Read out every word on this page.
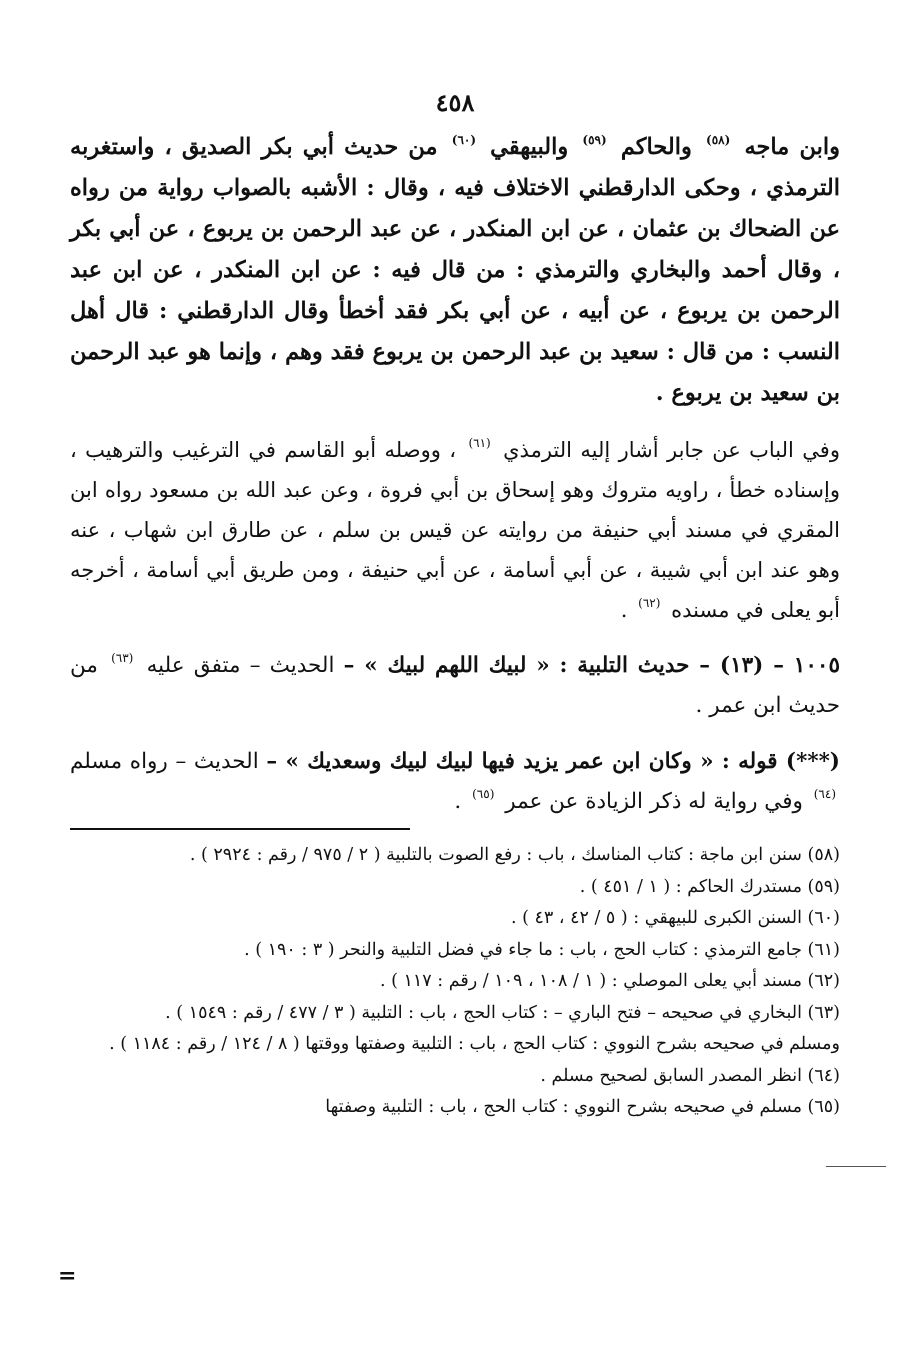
٤٥٨

وابن ماجه $^{(٥٨)}$ والحاكم $^{(٥٩)}$ والبيهقي $^{(٦٠)}$ من حديث أبي بكر الصديق ، واستغربه الترمذي ، وحكى الدارقطني الاختلاف فيه ، وقال : الأشبه بالصواب رواية من رواه عن الضحاك بن عثمان ، عن ابن المنكدر ، عن عبد الرحمن بن يربوع ، عن أبي بكر ، وقال أحمد والبخاري والترمذي : من قال فيه : عن ابن المنكدر ، عن ابن عبد الرحمن بن يربوع ، عن أبيه ، عن أبي بكر فقد أخطأ وقال الدارقطني : قال أهل النسب : من قال : سعيد بن عبد الرحمن بن يربوع فقد وهم ، وإنما هو عبد الرحمن بن سعيد بن يربوع .

وفي الباب عن جابر أشار إليه الترمذي $^{(٦١)}$ ، ووصله أبو القاسم في الترغيب والترهيب ، وإسناده خطأ ، راويه متروك وهو إسحاق بن أبي فروة ، وعن عبد الله بن مسعود رواه ابن المقري في مسند أبي حنيفة من روايته عن قيس بن سلم ، عن طارق ابن شهاب ، عنه وهو عند ابن أبي شيبة ، عن أبي أسامة ، عن أبي حنيفة ، ومن طريق أبي أسامة ، أخرجه أبو يعلى في مسنده $^{(٦٢)}$ .

١٠٠٥ – (١٣) – حديث التلبية : « لبيك اللهم لبيك » – الحديث – متفق عليه $^{(٦٣)}$ من حديث ابن عمر .

(***) قوله : « وكان ابن عمر يزيد فيها لبيك لبيك وسعديك » – الحديث – رواه مسلم $^{(٦٤)}$ وفي رواية له ذكر الزيادة عن عمر $^{(٦٥)}$ .

(٥٨) سنن ابن ماجة : كتاب المناسك ، باب : رفع الصوت بالتلبية ( ٢ / ٩٧٥ / رقم : ٢٩٢٤ ) .

(٥٩) مستدرك الحاكم : ( ١ / ٤٥١ ) .

(٦٠) السنن الكبرى للبيهقي : ( ٥ / ٤٢ ، ٤٣ ) .

(٦١) جامع الترمذي : كتاب الحج ، باب : ما جاء في فضل التلبية والنحر ( ٣ : ١٩٠ ) .

(٦٢) مسند أبي يعلى الموصلي : ( ١ / ١٠٨ ، ١٠٩ / رقم : ١١٧ ) .

(٦٣) البخاري في صحيحه – فتح الباري – : كتاب الحج ، باب : التلبية ( ٣ / ٤٧٧ / رقم : ١٥٤٩ ) .

ومسلم في صحيحه بشرح النووي : كتاب الحج ، باب : التلبية وصفتها ووقتها ( ٨ / ١٢٤ / رقم : ١١٨٤ ) .

(٦٤) انظر المصدر السابق لصحيح مسلم .

(٦٥) مسلم في صحيحه بشرح النووي : كتاب الحج ، باب : التلبية وصفتها

=
